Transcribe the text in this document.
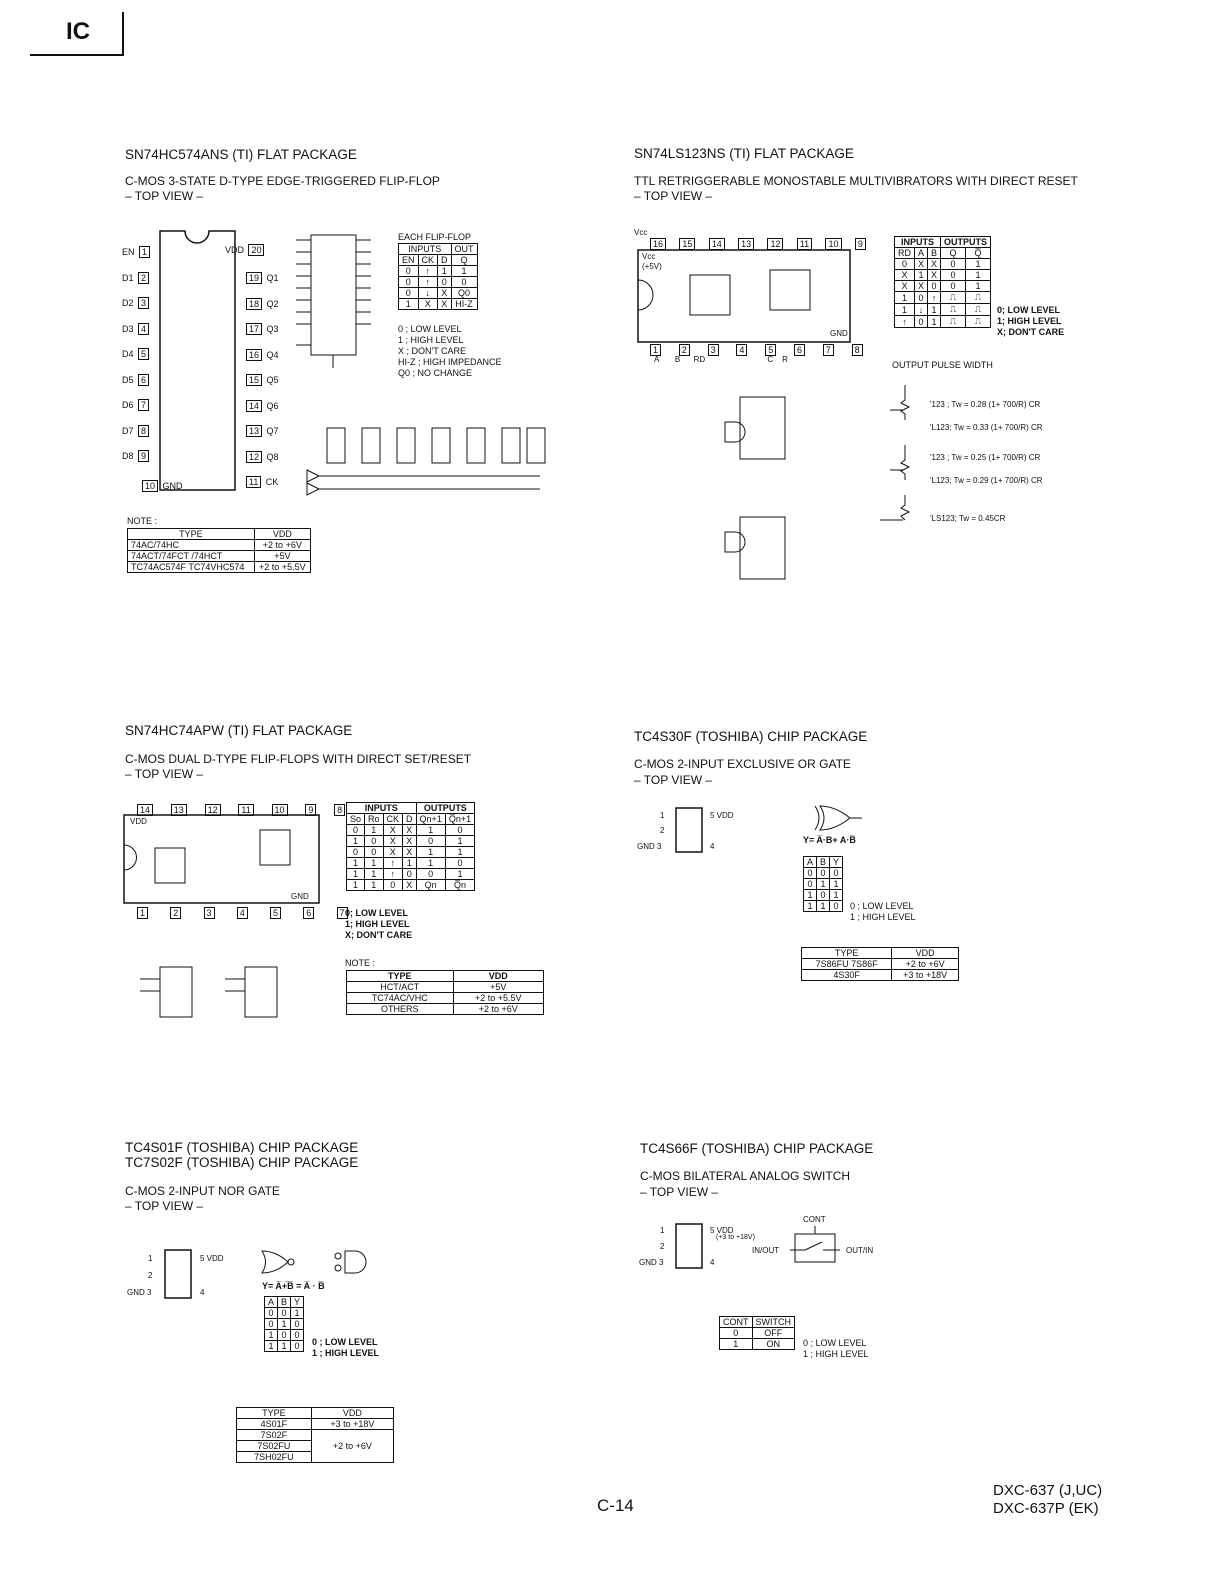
IC
SN74HC574ANS (TI) FLAT PACKAGE
C-MOS 3-STATE D-TYPE EDGE-TRIGGERED FLIP-FLOP
– TOP VIEW –
VDD 20
10 GND
EN 1
D1 2
D2 3
D3 4
D4 5
D5 6
D6 7
D7 8
D8 9
19 Q1
18 Q2
17 Q3
16 Q4
15 Q5
14 Q6
13 Q7
12 Q8
11 CK
EACH FLIP-FLOP
INPUTS			OUT
EN	CK	D	Q
0	↑	1	1
0	↑	0	0
0	↓	X	Q0
1	X	X	HI-Z
0 ; LOW LEVEL
1 ; HIGH LEVEL
X ; DON'T CARE
HI-Z ; HIGH IMPEDANCE
Q0 ; NO CHANGE
NOTE :
TYPE	VDD
74AC/74HC	+2 to +6V
74ACT/74FCT /74HCT	+5V
TC74AC574F TC74VHC574	+2 to +5.5V
SN74LS123NS (TI) FLAT PACKAGE
TTL RETRIGGERABLE MONOSTABLE MULTIVIBRATORS WITH DIRECT RESET
– TOP VIEW –
16 15 14 13 12 11 10 9
1	2	3	4	5	6	7	8
Vcc
Vcc
(+5V)
GND
A B RD	C R
INPUTS			OUTPUTS	
RD	A	B	Q	Q̅
0	X	X	0	1
X	1	X	0	1
X	X	0	0	1
1	0	↑	⎍	⎍
1	↓	1	⎍	⎍
↑	0	1	⎍	⎍
0; LOW LEVEL
1; HIGH LEVEL
X; DON'T CARE
OUTPUT PULSE WIDTH
'123 ; Tw = 0.28 (1+ 700/R) CR
'L123; Tw = 0.33 (1+ 700/R) CR
'123 ; Tw = 0.25 (1+ 700/R) CR
'L123; Tw = 0.29 (1+ 700/R) CR
'LS123; Tw = 0.45CR
SN74HC74APW (TI) FLAT PACKAGE
C-MOS DUAL D-TYPE FLIP-FLOPS WITH DIRECT SET/RESET
– TOP VIEW –
14	13	12	11	10	9	8
1	2	3	4	5	6	7
VDD
GND
INPUTS				OUTPUTS	
So	Ro	CK	D	Qn+1	Q̅n+1
0	1	X	X	1	0
1	0	X	X	0	1
0	0	X	X	1	1
1	1	↑	1	1	0
1	1	↑	0	0	1
1	1	0	X	Qn	Q̅n
0; LOW LEVEL
1; HIGH LEVEL
X; DON'T CARE
NOTE :
TYPE	VDD
HCT/ACT	+5V
TC74AC/VHC	+2 to +5.5V
OTHERS	+2 to +6V
TC4S30F (TOSHIBA) CHIP PACKAGE
C-MOS 2-INPUT EXCLUSIVE OR GATE
– TOP VIEW –
1
2
GND 3
5 VDD
4
Y= A̅·B+ A·B̅
A	B	Y
0	0	0
0	1	1
1	0	1
1	1	0 0 ; LOW LEVEL
1 ; HIGH LEVEL
TYPE	VDD
7S86FU 7S86F	+2 to +6V
4S30F	+3 to +18V
TC4S01F (TOSHIBA) CHIP PACKAGE
TC7S02F (TOSHIBA) CHIP PACKAGE
C-MOS 2-INPUT NOR GATE
– TOP VIEW –
1
2
GND 3
5 VDD
4
Y= A̅+̅B̅ = A̅ · B̅
A	B	Y
0	0	1
0	1	0
1	0	0
1	1	0 0 ; LOW LEVEL
1 ; HIGH LEVEL
TYPE	VDD
4S01F	+3 to +18V
7S02F	+2 to +6V
7S02FU	
7SH02FU	
TC4S66F (TOSHIBA) CHIP PACKAGE
C-MOS BILATERAL ANALOG SWITCH
– TOP VIEW –
1
2
GND 3
5 VDD
(+3 to +18V)
4
CONT
IN/OUT	OUT/IN
CONT	SWITCH
0	OFF
1	ON	0 ; LOW LEVEL
1 ; HIGH LEVEL
C-14
DXC-637 (J,UC)
DXC-637P (EK)
